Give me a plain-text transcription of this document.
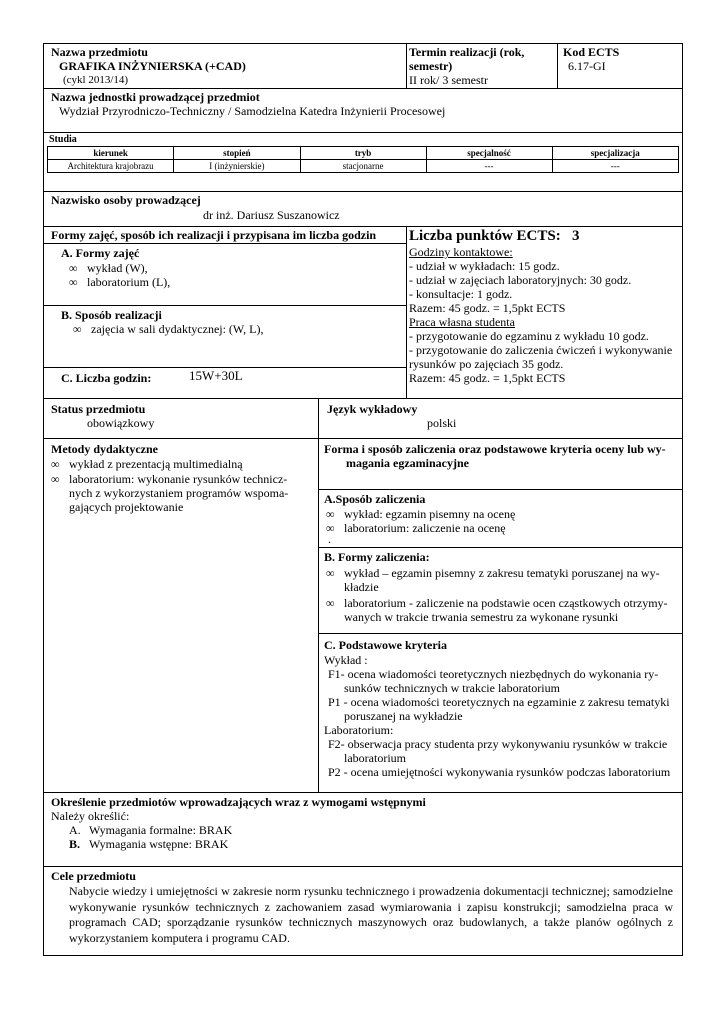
Nazwa przedmiotu
GRAFIKA INŻYNIERSKA (+CAD)
(cykl 2013/14)
Termin realizacji (rok,
semestr)
II rok/ 3 semestr
Kod ECTS
6.17-GI
Nazwa jednostki prowadzącej przedmiot
Wydział Przyrodniczo-Techniczny / Samodzielna Katedra Inżynierii Procesowej
Studia
kierunek	stopień	tryb	specjalność	specjalizacja
Architektura krajobrazu	I (inżynierskie)	stacjonarne	---	---
Nazwisko osoby prowadzącej
dr inż. Dariusz Suszanowicz
Formy zajęć, sposób ich realizacji i przypisana im liczba godzin
A. Formy zajęć
∞ wykład (W),
∞ laboratorium (L),
B. Sposób realizacji
∞ zajęcia w sali dydaktycznej: (W, L),
C. Liczba godzin:	15W+30L
Liczba punktów ECTS: 3
Godziny kontaktowe:
- udział w wykładach: 15 godz.
- udział w zajęciach laboratoryjnych: 30 godz.
- konsultacje: 1 godz.
Razem: 45 godz. = 1,5pkt ECTS
Praca własna studenta
- przygotowanie do egzaminu z wykładu 10 godz.
- przygotowanie do zaliczenia ćwiczeń i wykonywanie
rysunków po zajęciach 35 godz.
Razem: 45 godz. = 1,5pkt ECTS
Status przedmiotu
obowiązkowy
Język wykładowy
polski
Metody dydaktyczne
∞ wykład z prezentacją multimedialną
∞ laboratorium: wykonanie rysunków technicz-
nych z wykorzystaniem programów wspoma-
gających projektowanie
Forma i sposób zaliczenia oraz podstawowe kryteria oceny lub wy-
magania egzaminacyjne
A.Sposób zaliczenia
∞ wykład: egzamin pisemny na ocenę
∞ laboratorium: zaliczenie na ocenę
.
B. Formy zaliczenia:
∞ wykład – egzamin pisemny z zakresu tematyki poruszanej na wy-
kładzie
∞ laboratorium - zaliczenie na podstawie ocen cząstkowych otrzymy-
wanych w trakcie trwania semestru za wykonane rysunki
C. Podstawowe kryteria
Wykład :
F1- ocena wiadomości teoretycznych niezbędnych do wykonania ry-
sunków technicznych w trakcie laboratorium
P1 - ocena wiadomości teoretycznych na egzaminie z zakresu tematyki
poruszanej na wykładzie
Laboratorium:
F2- obserwacja pracy studenta przy wykonywaniu rysunków w trakcie
laboratorium
P2 - ocena umiejętności wykonywania rysunków podczas laboratorium
Określenie przedmiotów wprowadzających wraz z wymogami wstępnymi
Należy określić:
A. Wymagania formalne: BRAK
B. Wymagania wstępne: BRAK
Cele przedmiotu
Nabycie wiedzy i umiejętności w zakresie norm rysunku technicznego i prowadzenia dokumentacji technicznej; samodzielne wykonywanie rysunków technicznych z zachowaniem zasad wymiarowania i zapisu konstrukcji; samodzielna praca w programach CAD; sporządzanie rysunków technicznych maszynowych oraz budowlanych, a także planów ogólnych z wykorzystaniem komputera i programu CAD.
